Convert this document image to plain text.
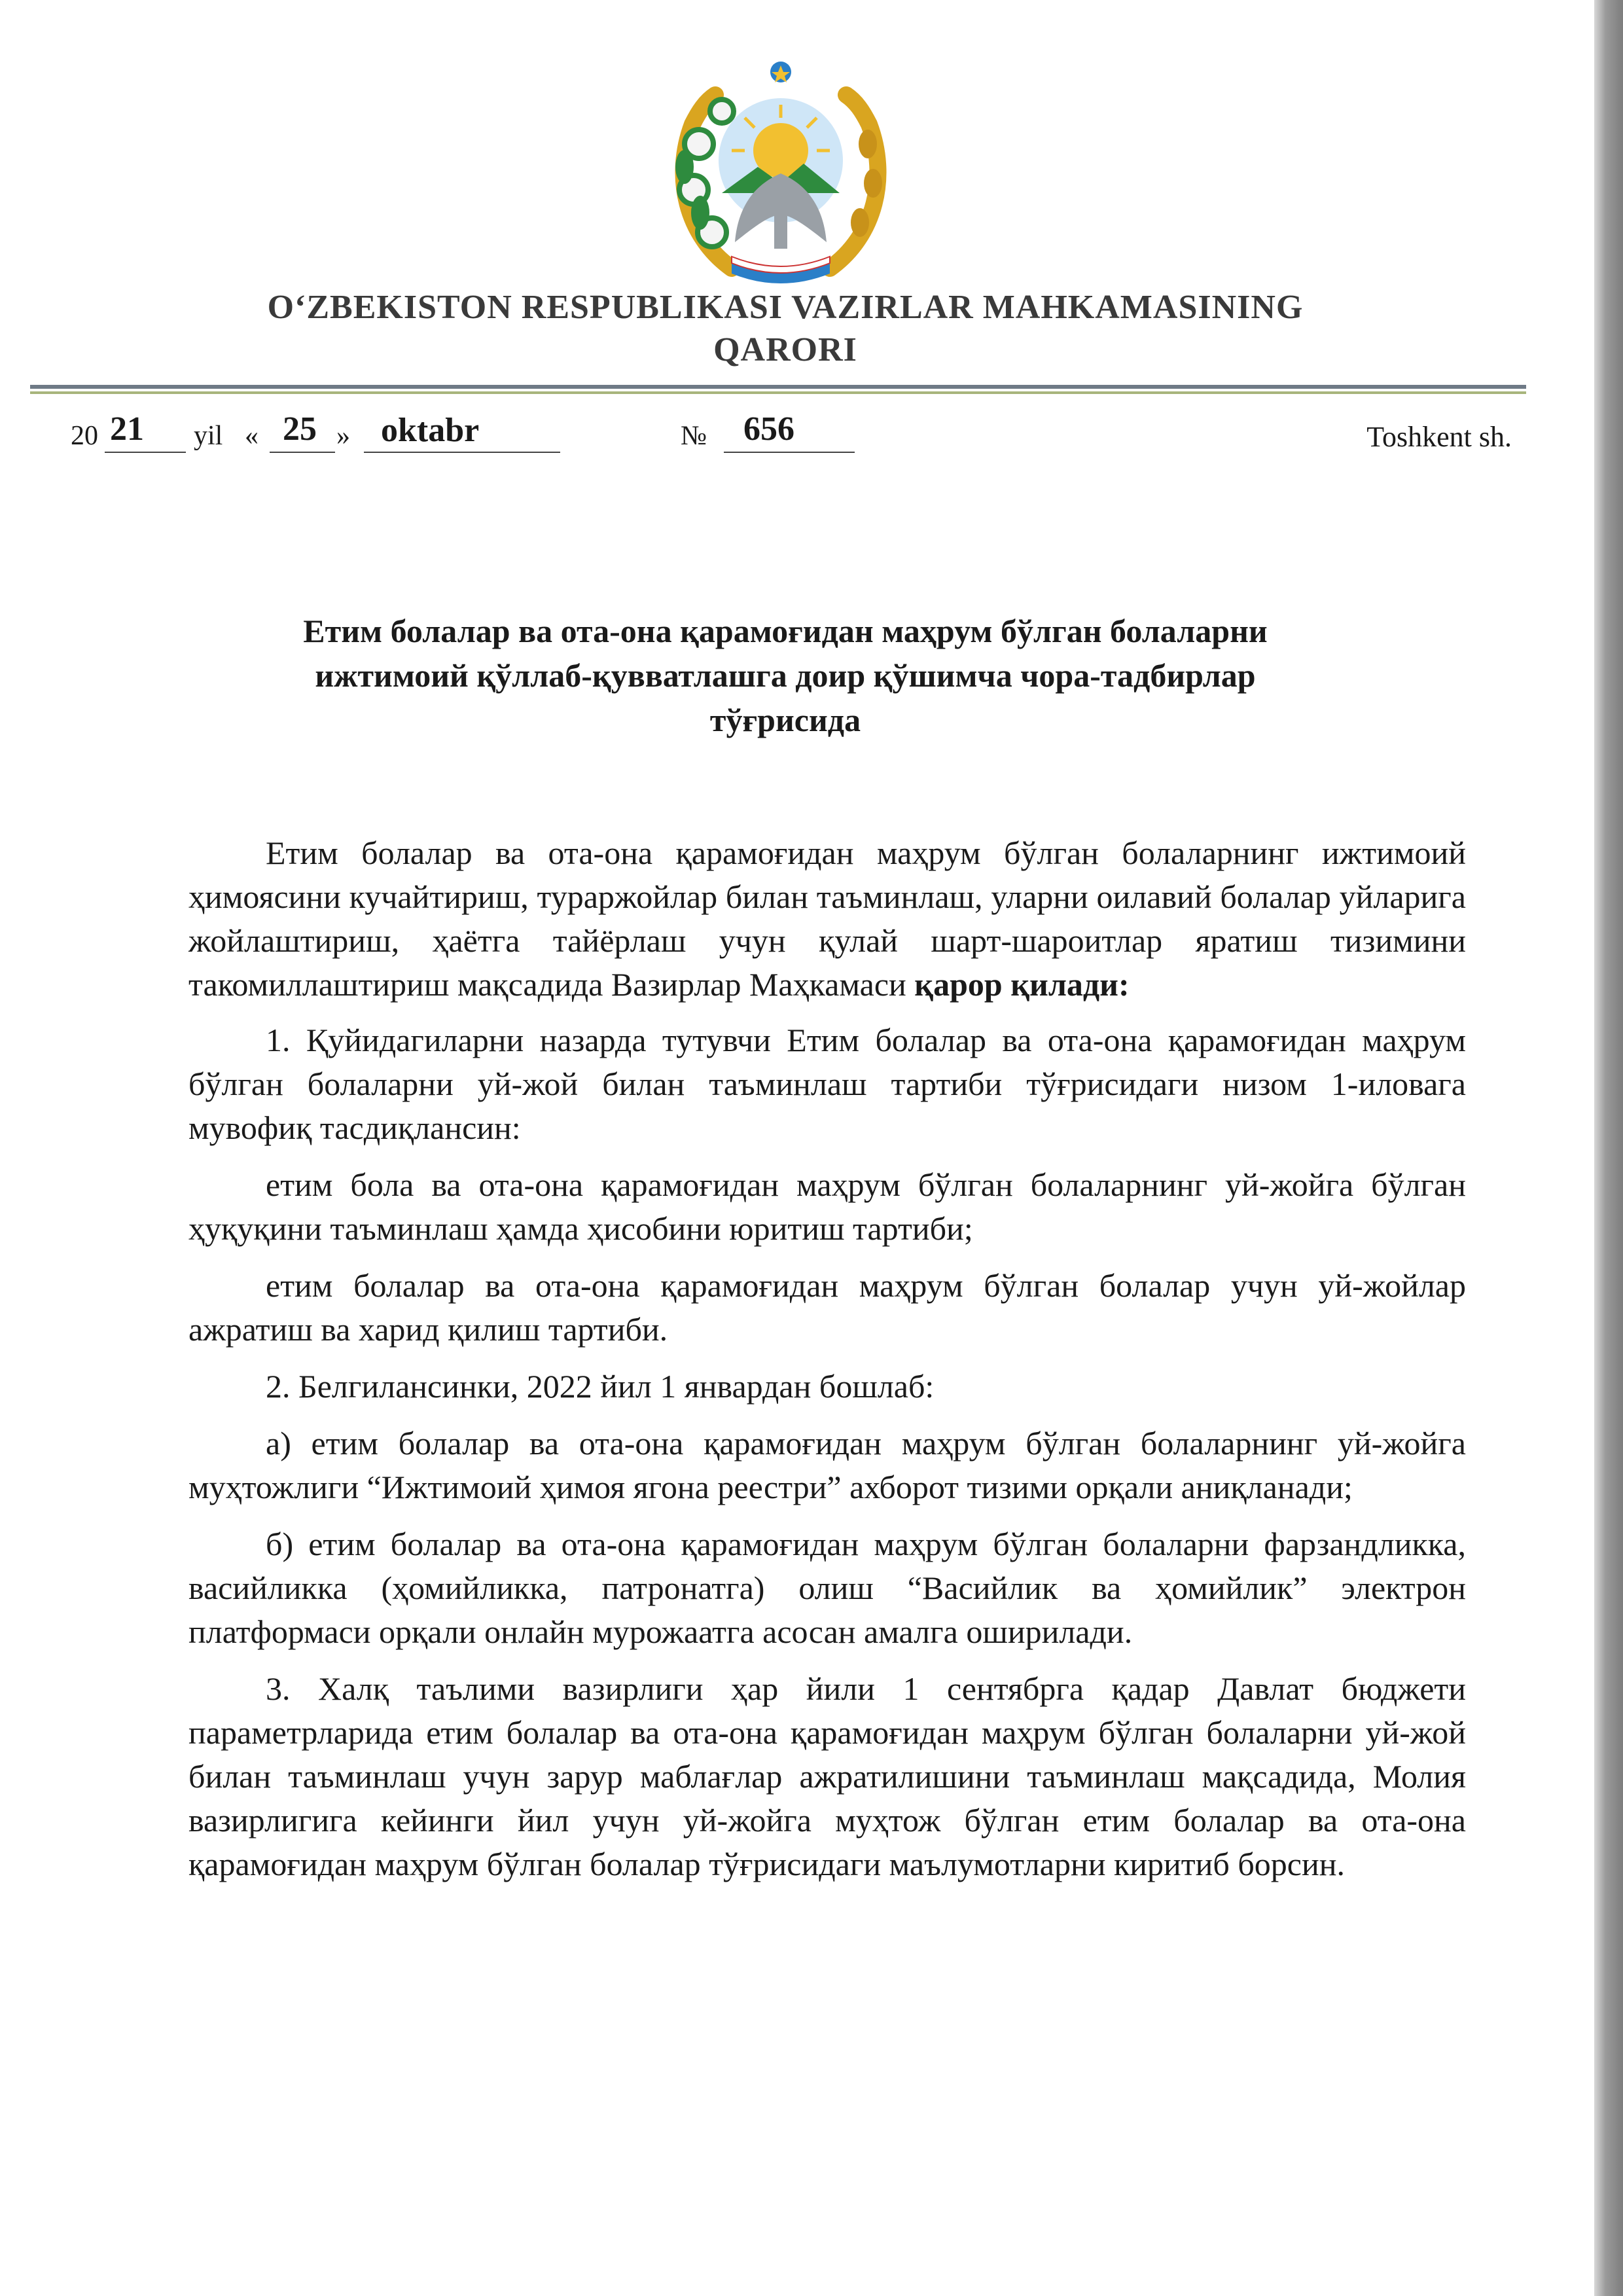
O‘ZBEKISTON RESPUBLIKASI VAZIRLAR MAHKAMASINING
QARORI
20 21 yil « 25 » oktabr	№ 656	Toshkent sh.
Етим болалар ва ота-она қарамоғидан маҳрум бўлган болаларни
ижтимоий қўллаб-қувватлашга доир қўшимча чора-тадбирлар
тўғрисида

Етим болалар ва ота-она қарамоғидан маҳрум бўлган болаларнинг ижтимоий ҳимоясини кучайтириш, тураржойлар билан таъминлаш, уларни оилавий болалар уйларига жойлаштириш, ҳаётга тайёрлаш учун қулай шарт-шароитлар яратиш тизимини такомиллаштириш мақсадида Вазирлар Маҳкамаси қарор қилади:

1. Қуйидагиларни назарда тутувчи Етим болалар ва ота-она қарамоғидан маҳрум бўлган болаларни уй-жой билан таъминлаш тартиби тўғрисидаги низом 1-иловага мувофиқ тасдиқлансин:

етим бола ва ота-она қарамоғидан маҳрум бўлган болаларнинг уй-жойга бўлган ҳуқуқини таъминлаш ҳамда ҳисобини юритиш тартиби;

етим болалар ва ота-она қарамоғидан маҳрум бўлган болалар учун уй-жойлар ажратиш ва харид қилиш тартиби.

2. Белгилансинки, 2022 йил 1 январдан бошлаб:

а) етим болалар ва ота-она қарамоғидан маҳрум бўлган болаларнинг уй-жойга муҳтожлиги “Ижтимоий ҳимоя ягона реестри” ахборот тизими орқали аниқланади;

б) етим болалар ва ота-она қарамоғидан маҳрум бўлган болаларни фарзандликка, васийликка (ҳомийликка, патронатга) олиш “Васийлик ва ҳомийлик” электрон платформаси орқали онлайн мурожаатга асосан амалга оширилади.

3. Халқ таълими вазирлиги ҳар йили 1 сентябрга қадар Давлат бюджети параметрларида етим болалар ва ота-она қарамоғидан маҳрум бўлган болаларни уй-жой билан таъминлаш учун зарур маблағлар ажратилишини таъминлаш мақсадида, Молия вазирлигига кейинги йил учун уй-жойга муҳтож бўлган етим болалар ва ота-она қарамоғидан маҳрум бўлган болалар тўғрисидаги маълумотларни киритиб борсин.
